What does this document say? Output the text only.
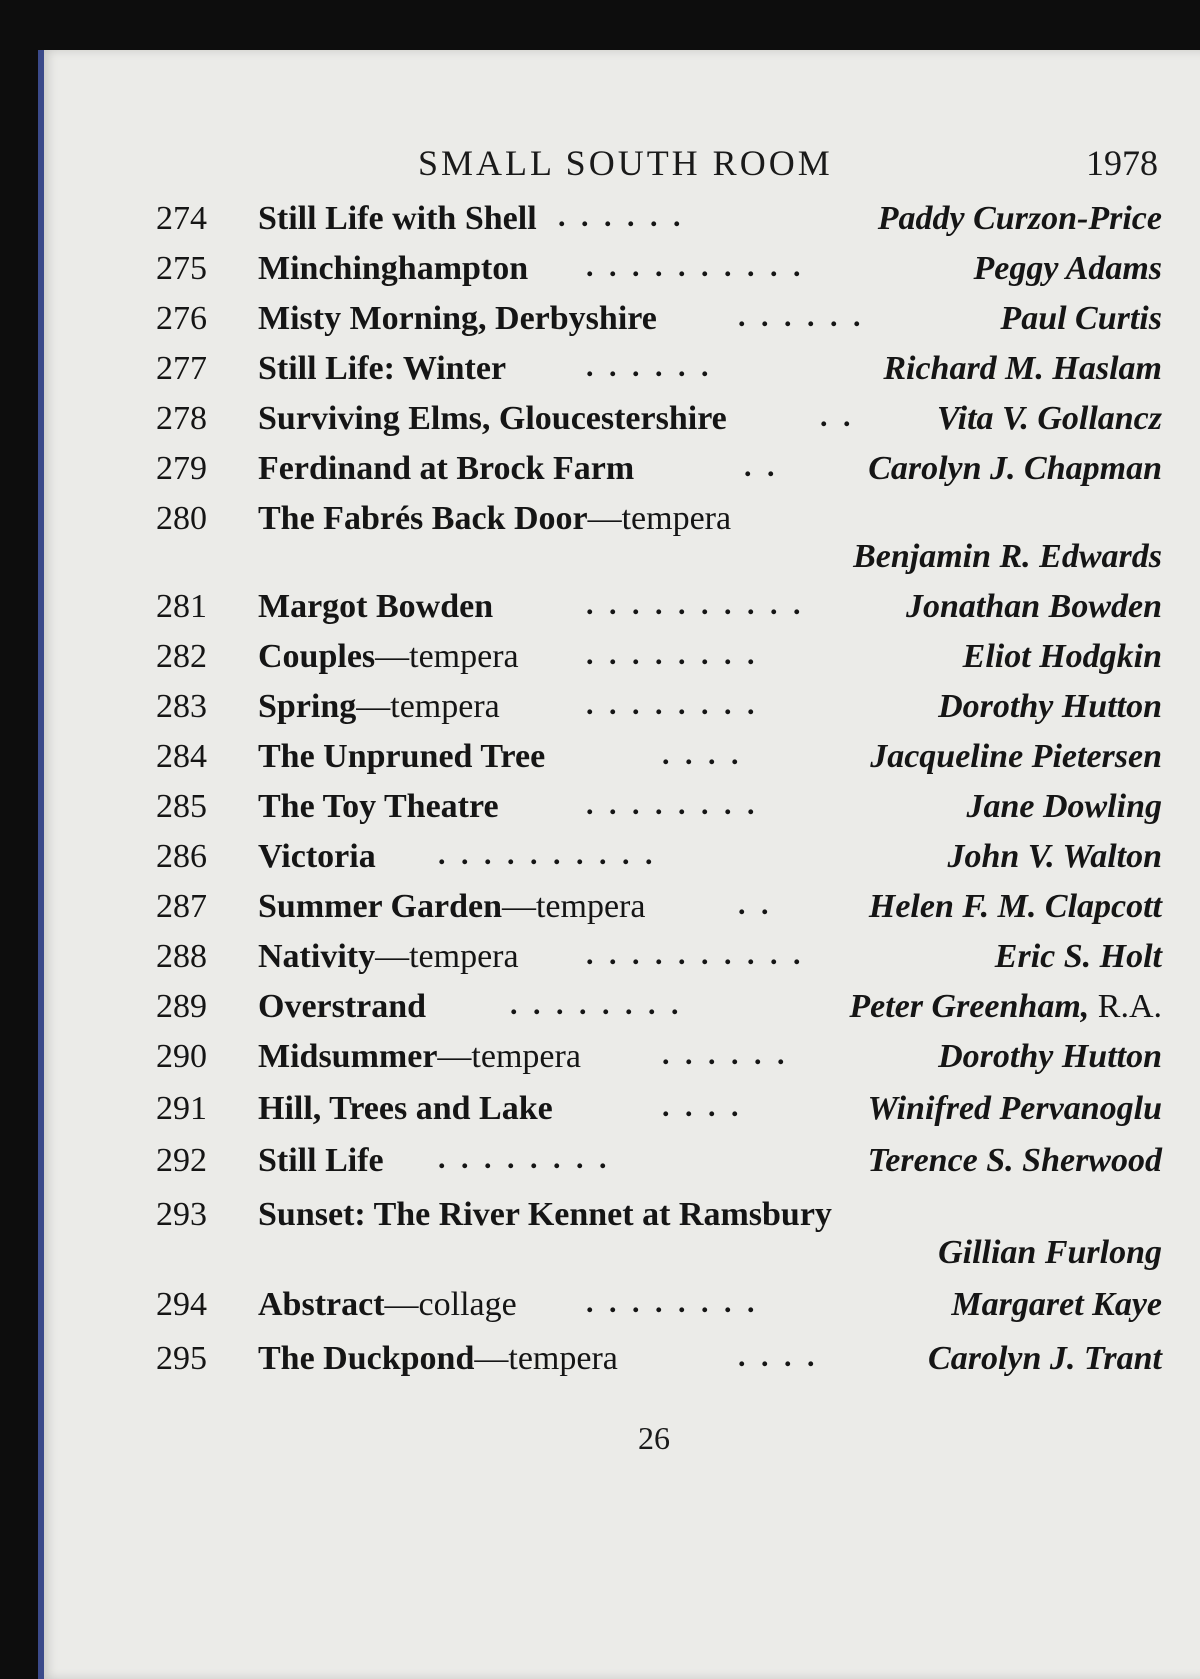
SMALL SOUTH ROOM	1978
274 Still Life with Shell . . . . . .	Paddy Curzon-Price
275 Minchinghampton . . . . . . . . . .	Peggy Adams
276 Misty Morning, Derbyshire	. . . . . .	Paul Curtis
277 Still Life: Winter	. . . . . .	Richard M. Haslam
278 Surviving Elms, Gloucestershire	. . Vita V. Gollancz
279 Ferdinand at Brock Farm	. .	Carolyn J. Chapman
280 The Fabrés Back Door—tempera
Benjamin R. Edwards
281 Margot Bowden	. . . . . . . . . .	Jonathan Bowden
282 Couples—tempera . . . . . . . .	Eliot Hodgkin
283 Spring—tempera	. . . . . . . .	Dorothy Hutton
284 The Unpruned Tree	. . . .	Jacqueline Pietersen
285 The Toy Theatre	. . . . . . . .	Jane Dowling
286 Victoria . . . . . . . . . .	John V. Walton
287 Summer Garden—tempera	. .	Helen F. M. Clapcott
288 Nativity—tempera . . . . . . . . . .	Eric S. Holt
289 Overstrand	. . . . . . . .	Peter Greenham, R.A.
290 Midsummer—tempera	. . . . . .	Dorothy Hutton
291 Hill, Trees and Lake	. . . .	Winifred Pervanoglu
292 Still Life . . . . . . . .	Terence S. Sherwood
293 Sunset: The River Kennet at Ramsbury
Gillian Furlong
294 Abstract—collage . . . . . . . .	Margaret Kaye
295 The Duckpond—tempera	. . . .	Carolyn J. Trant
26
